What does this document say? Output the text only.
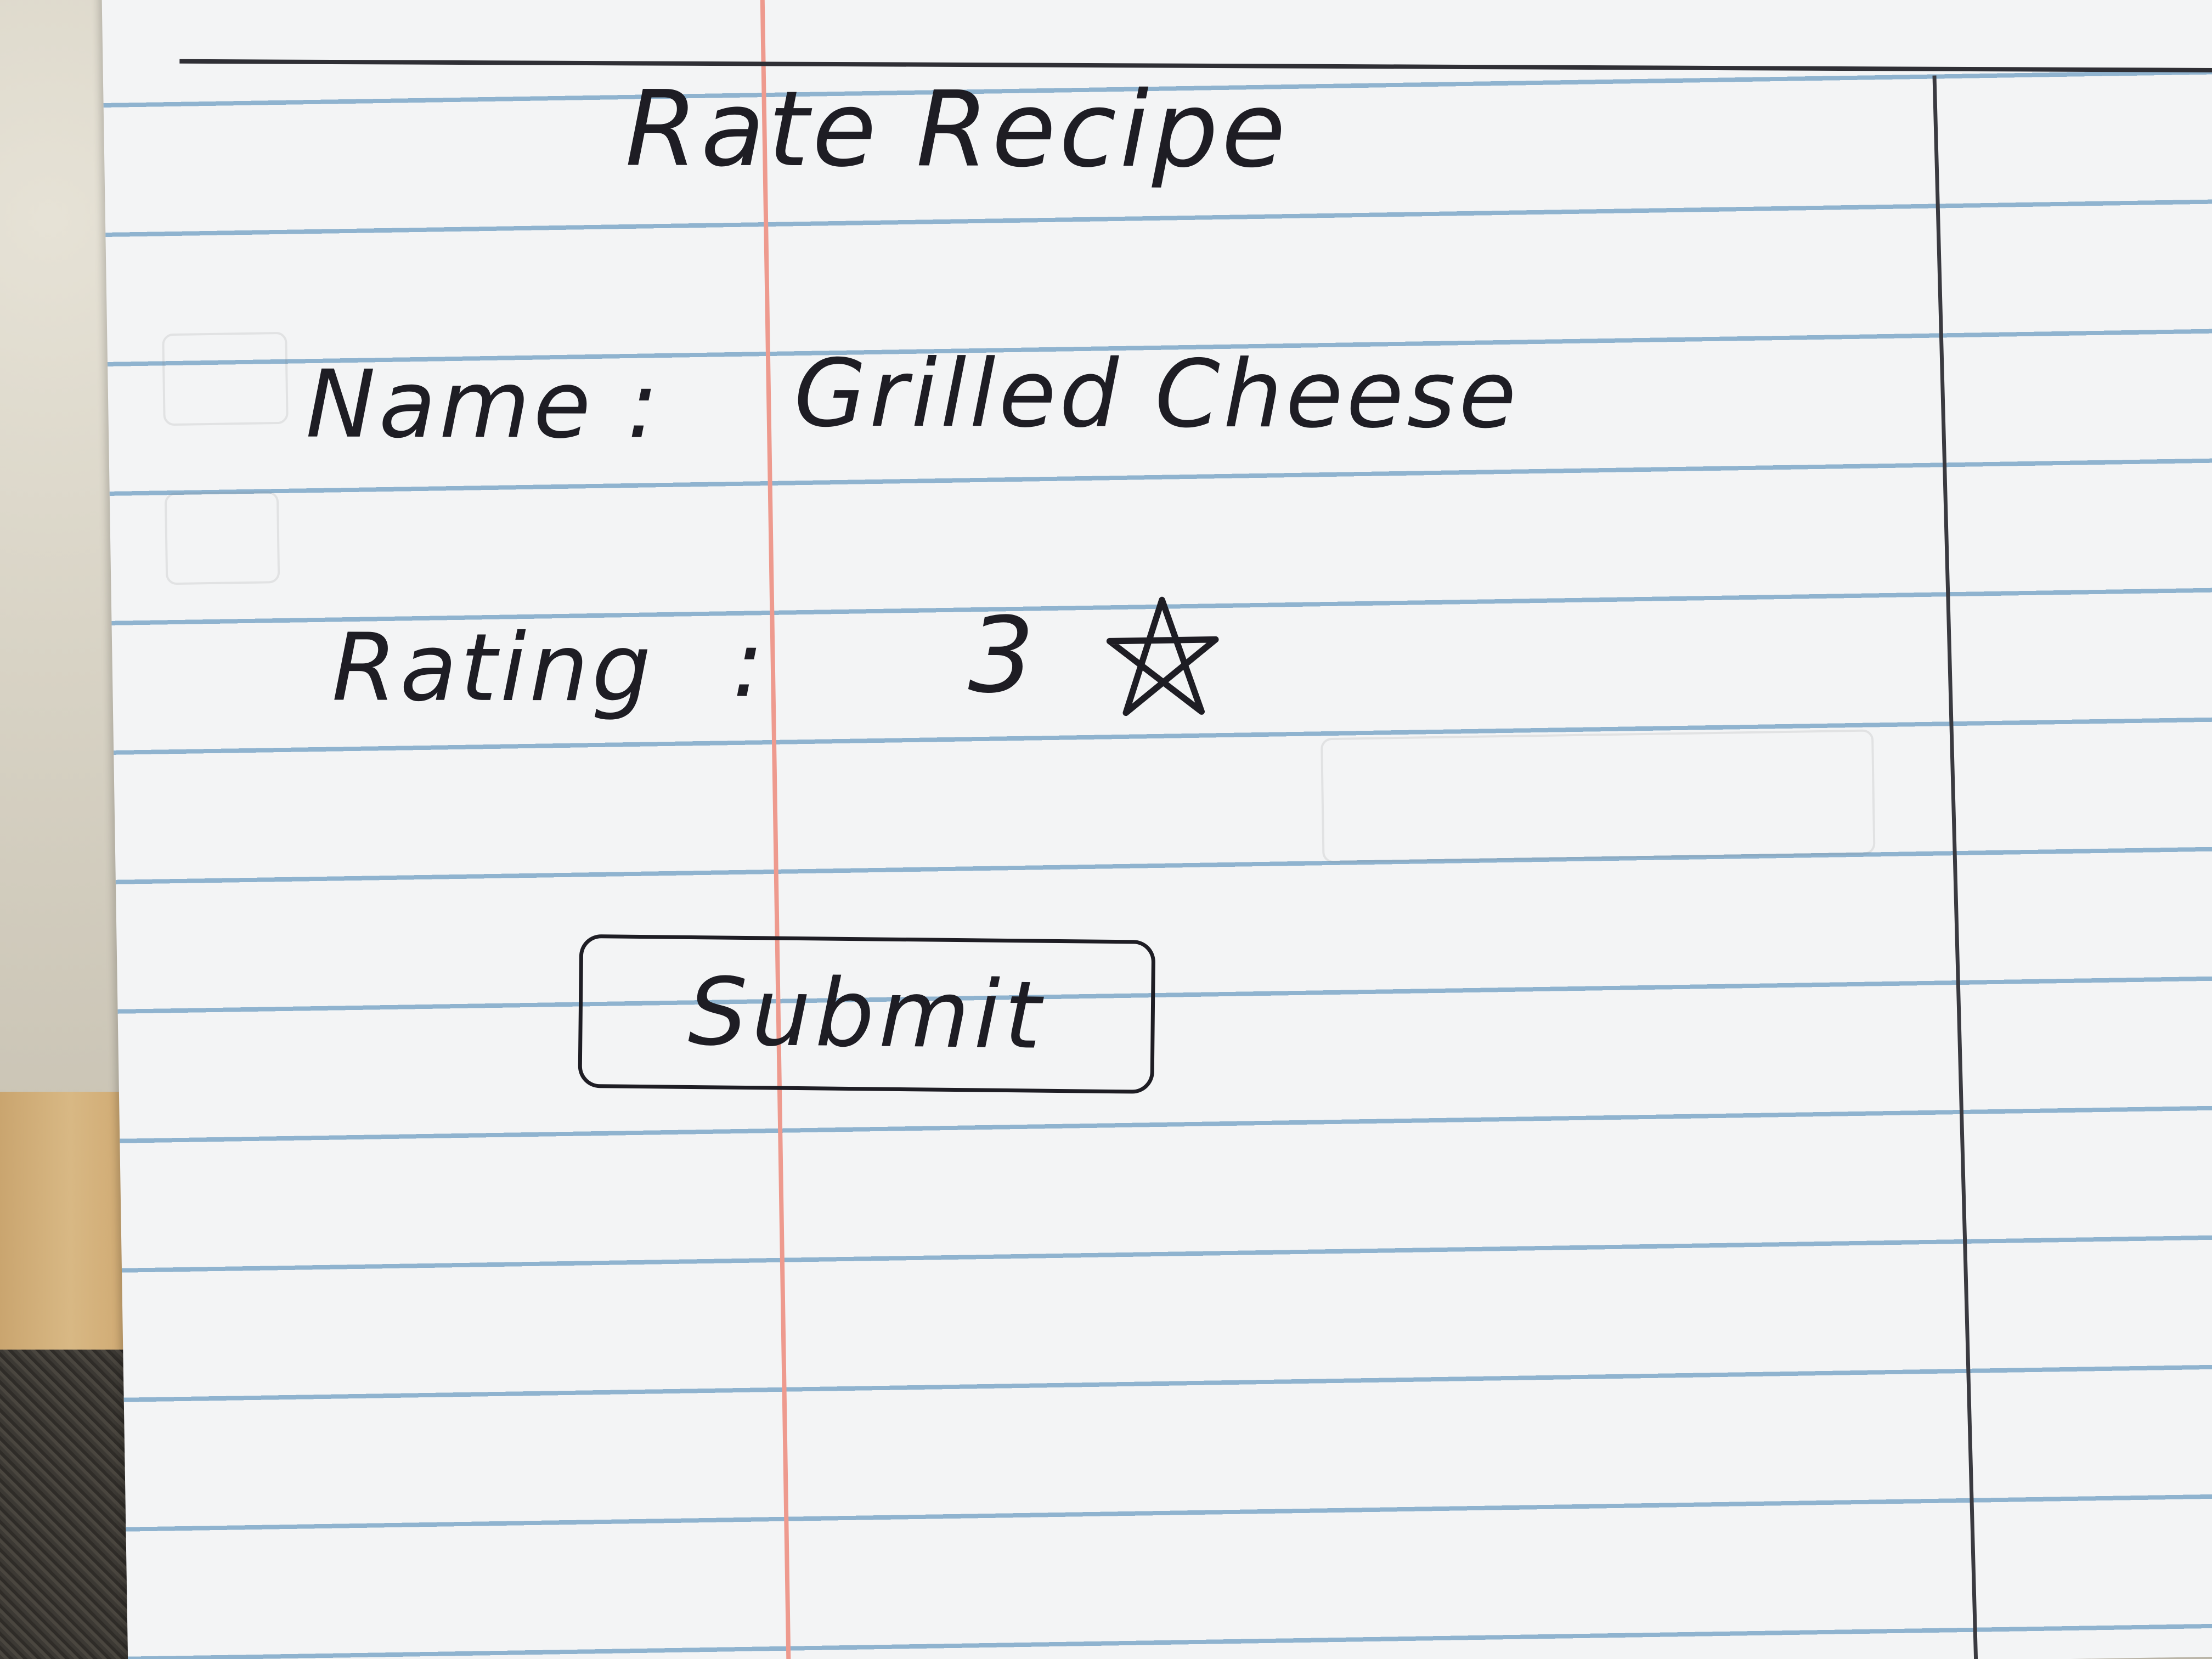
Rate Recipe
Name : Grilled Cheese
Rating : 3
Submit
